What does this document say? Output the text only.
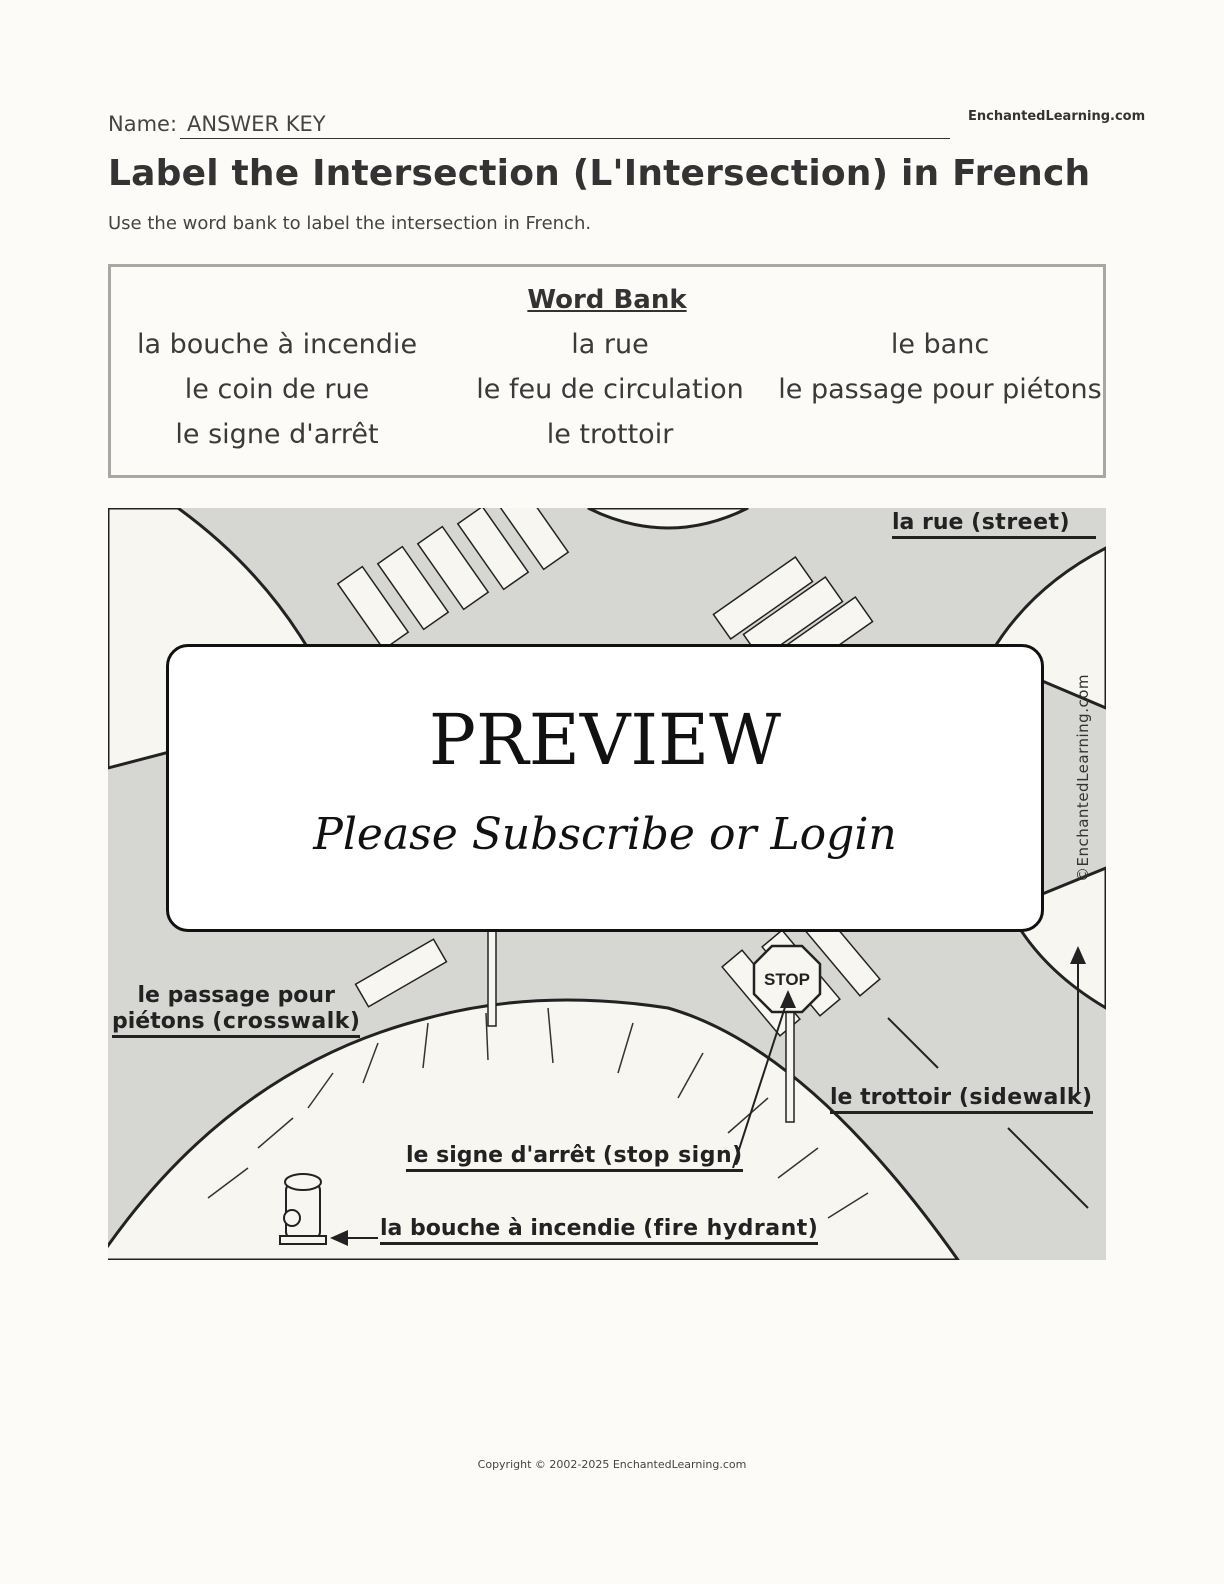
Name: ANSWER KEY	EnchantedLearning.com
Label the Intersection (L'Intersection) in French
Use the word bank to label the intersection in French.
Word Bank
la bouche à incendie	la rue	le banc
le coin de rue	le feu de circulation	le passage pour piétons
le signe d'arrêt	le trottoir
STOP
la rue (street)
le passage pour
piétons (crosswalk)
le trottoir (sidewalk)
le signe d'arrêt (stop sign)
la bouche à incendie (fire hydrant)
©EnchantedLearning.com
PREVIEW
Please Subscribe or Login
Copyright © 2002-2025 EnchantedLearning.com
